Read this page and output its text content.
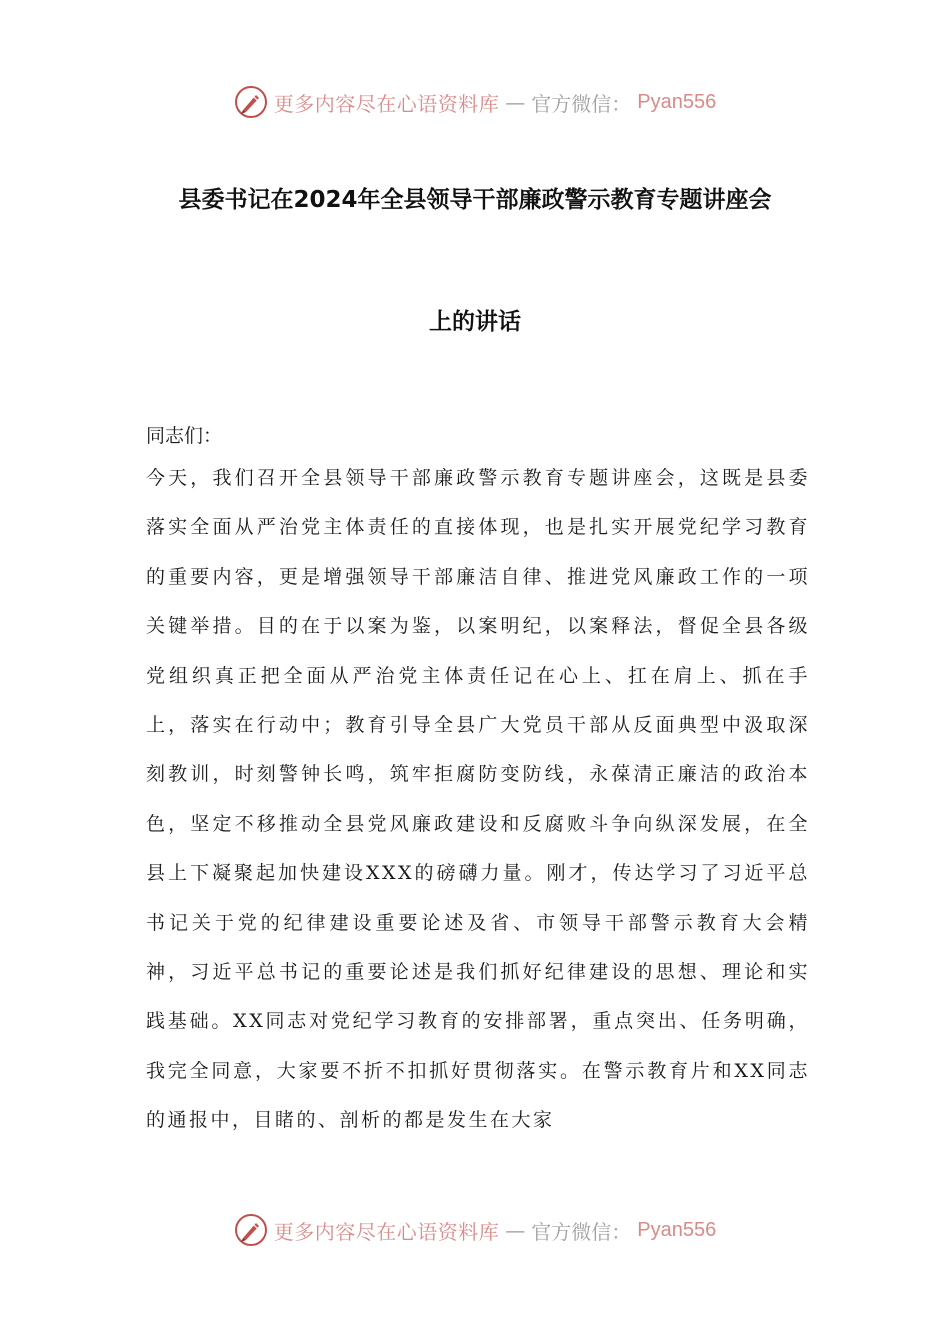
更多内容尽在心语资料库 — 官方微信： Pyan556
县委书记在2024年全县领导干部廉政警示教育专题讲座会
上的讲话

同志们：

今天，我们召开全县领导干部廉政警示教育专题讲座会，这既是县委落实全面从严治党主体责任的直接体现，也是扎实开展党纪学习教育的重要内容，更是增强领导干部廉洁自律、推进党风廉政工作的一项关键举措。目的在于以案为鉴，以案明纪，以案释法，督促全县各级党组织真正把全面从严治党主体责任记在心上、扛在肩上、抓在手上，落实在行动中；教育引导全县广大党员干部从反面典型中汲取深刻教训，时刻警钟长鸣，筑牢拒腐防变防线，永葆清正廉洁的政治本色，坚定不移推动全县党风廉政建设和反腐败斗争向纵深发展，在全县上下凝聚起加快建设XXX的磅礴力量。刚才，传达学习了习近平总书记关于党的纪律建设重要论述及省、市领导干部警示教育大会精神，习近平总书记的重要论述是我们抓好纪律建设的思想、理论和实践基础。XX同志对党纪学习教育的安排部署，重点突出、任务明确，我完全同意，大家要不折不扣抓好贯彻落实。在警示教育片和XX同志的通报中，目睹的、剖析的都是发生在大家

更多内容尽在心语资料库 — 官方微信： Pyan556
